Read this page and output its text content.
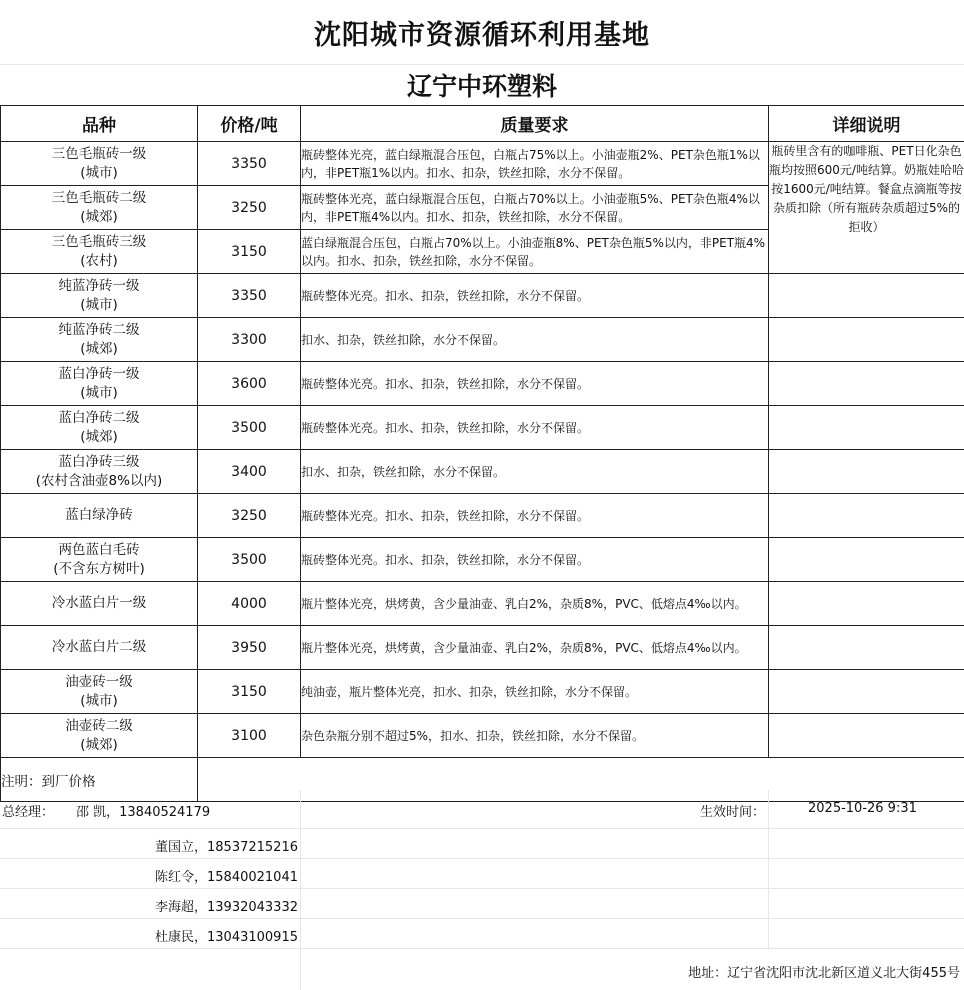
沈阳城市资源循环利用基地
辽宁中环塑料
品种	价格/吨	质量要求	详细说明

三色毛瓶砖一级
(城市)	3350	瓶砖整体光亮，蓝白绿瓶混合压包，白瓶占75%以上。小油壶瓶2%、PET杂色瓶1%以内，非PET瓶1%以内。扣水、扣杂，铁丝扣除，水分不保留。	瓶砖里含有的咖啡瓶、PET日化杂色瓶均按照600元/吨结算。奶瓶娃哈哈按1600元/吨结算。餐盒点滴瓶等按杂质扣除（所有瓶砖杂质超过5%的拒收）

三色毛瓶砖二级
(城郊)	3250	瓶砖整体光亮，蓝白绿瓶混合压包，白瓶占70%以上。小油壶瓶5%、PET杂色瓶4%以内，非PET瓶4%以内。扣水、扣杂，铁丝扣除，水分不保留。	

三色毛瓶砖三级
(农村)	3150	蓝白绿瓶混合压包，白瓶占70%以上。小油壶瓶8%、PET杂色瓶5%以内，非PET瓶4%以内。扣水、扣杂，铁丝扣除，水分不保留。	

纯蓝净砖一级
(城市)	3350	瓶砖整体光亮。扣水、扣杂，铁丝扣除，水分不保留。	

纯蓝净砖二级
(城郊)	3300	扣水、扣杂，铁丝扣除，水分不保留。	

蓝白净砖一级
(城市)	3600	瓶砖整体光亮。扣水、扣杂，铁丝扣除，水分不保留。	

蓝白净砖二级
(城郊)	3500	瓶砖整体光亮。扣水、扣杂，铁丝扣除，水分不保留。	

蓝白净砖三级
(农村含油壶8%以内)	3400	扣水、扣杂，铁丝扣除，水分不保留。	

蓝白绿净砖	3250	瓶砖整体光亮。扣水、扣杂，铁丝扣除，水分不保留。	

两色蓝白毛砖
(不含东方树叶)	3500	瓶砖整体光亮。扣水、扣杂，铁丝扣除，水分不保留。	

冷水蓝白片一级	4000	瓶片整体光亮，烘烤黄，含少量油壶、乳白2%，杂质8%，PVC、低熔点4‰以内。	

冷水蓝白片二级	3950	瓶片整体光亮，烘烤黄，含少量油壶、乳白2%，杂质8%，PVC、低熔点4‰以内。	

油壶砖一级
(城市)	3150	纯油壶，瓶片整体光亮，扣水、扣杂，铁丝扣除，水分不保留。	

油壶砖二级
(城郊)	3100	杂色杂瓶分别不超过5%，扣水、扣杂，铁丝扣除，水分不保留。	
注明：到厂价格			
总经理： 邵 凯，13840524179	生效时间：	2025-10-26 9:31
董国立，18537215216
陈红令，15840021041
李海超，13932043332
杜康民，13043100915
地址：辽宁省沈阳市沈北新区道义北大街455号
